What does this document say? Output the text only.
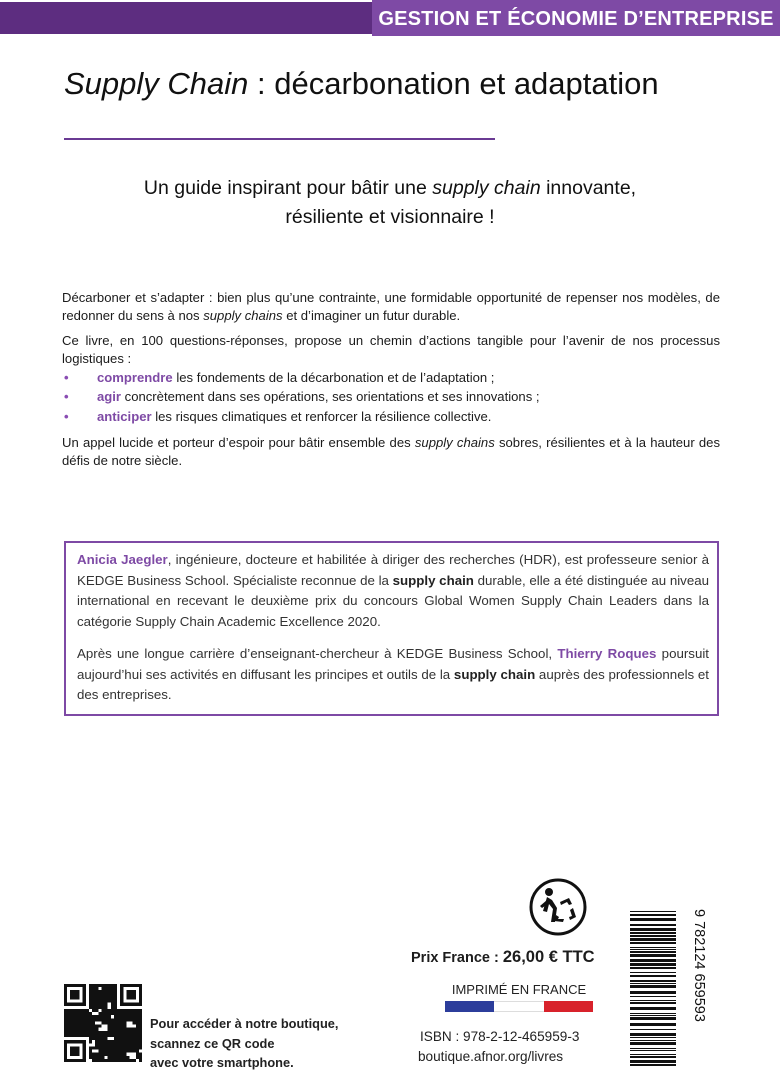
GESTION ET ÉCONOMIE D’ENTREPRISE
Supply Chain : décarbonation et adaptation
Un guide inspirant pour bâtir une supply chain innovante,
résiliente et visionnaire !

Décarboner et s’adapter : bien plus qu’une contrainte, une formidable opportunité de repenser nos modèles, de redonner du sens à nos supply chains et d’imaginer un futur durable.

Ce livre, en 100 questions-réponses, propose un chemin d’actions tangible pour l’avenir de nos processus logistiques :

• comprendre les fondements de la décarbonation et de l’adaptation ;
• agir concrètement dans ses opérations, ses orientations et ses innovations ;
• anticiper les risques climatiques et renforcer la résilience collective.

Un appel lucide et porteur d’espoir pour bâtir ensemble des supply chains sobres, résilientes et à la hauteur des défis de notre siècle.

Anicia Jaegler, ingénieure, docteure et habilitée à diriger des recherches (HDR), est professeure senior à KEDGE Business School. Spécialiste reconnue de la supply chain durable, elle a été distinguée au niveau international en recevant le deuxième prix du concours Global Women Supply Chain Leaders dans la catégorie Supply Chain Academic Excellence 2020.

Après une longue carrière d’enseignant-chercheur à KEDGE Business School, Thierry Roques poursuit aujourd’hui ses activités en diffusant les principes et outils de la supply chain auprès des professionnels et des entreprises.

Prix France : 26,00 € TTC
IMPRIMÉ EN FRANCE
ISBN : 978-2-12-465959-3
boutique.afnor.org/livres
Pour accéder à notre boutique,
scannez ce QR code
avec votre smartphone.
9 782124 659593
